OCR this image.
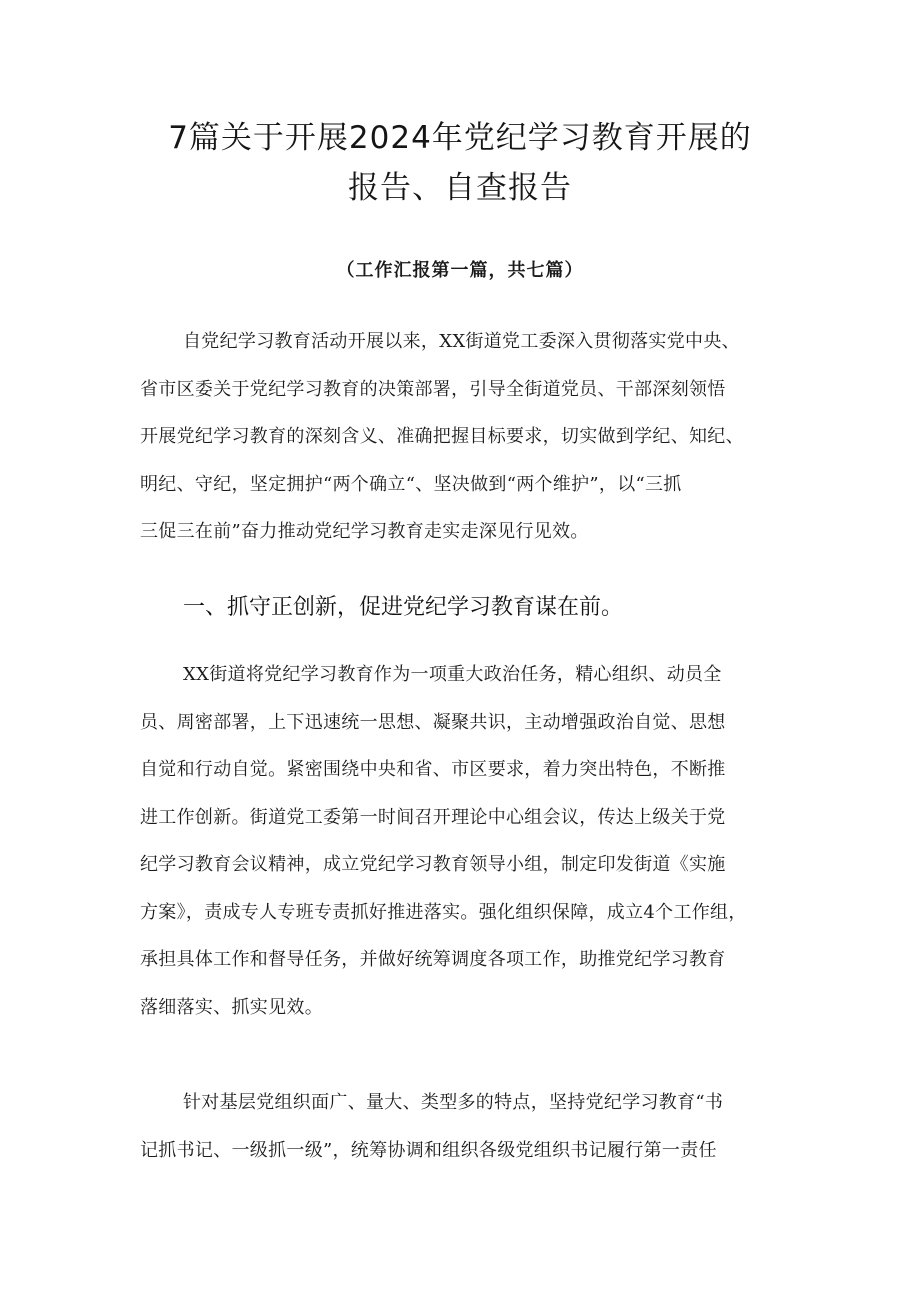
7篇关于开展2024年党纪学习教育开展的
报告、自查报告
（工作汇报第一篇，共七篇）
自党纪学习教育活动开展以来，XX街道党工委深入贯彻落实党中央、
省市区委关于党纪学习教育的决策部署，引导全街道党员、干部深刻领悟
开展党纪学习教育的深刻含义、准确把握目标要求，切实做到学纪、知纪、
明纪、守纪，坚定拥护“两个确立“、坚决做到“两个维护”，以“三抓
三促三在前”奋力推动党纪学习教育走实走深见行见效。
一、抓守正创新，促进党纪学习教育谋在前。
XX街道将党纪学习教育作为一项重大政治任务，精心组织、动员全
员、周密部署，上下迅速统一思想、凝聚共识，主动增强政治自觉、思想
自觉和行动自觉。紧密围绕中央和省、市区要求，着力突出特色，不断推
进工作创新。街道党工委第一时间召开理论中心组会议，传达上级关于党
纪学习教育会议精神，成立党纪学习教育领导小组，制定印发街道《实施
方案》，责成专人专班专责抓好推进落实。强化组织保障，成立4个工作组，
承担具体工作和督导任务，并做好统筹调度各项工作，助推党纪学习教育
落细落实、抓实见效。
针对基层党组织面广、量大、类型多的特点，坚持党纪学习教育“书
记抓书记、一级抓一级”，统筹协调和组织各级党组织书记履行第一责任
